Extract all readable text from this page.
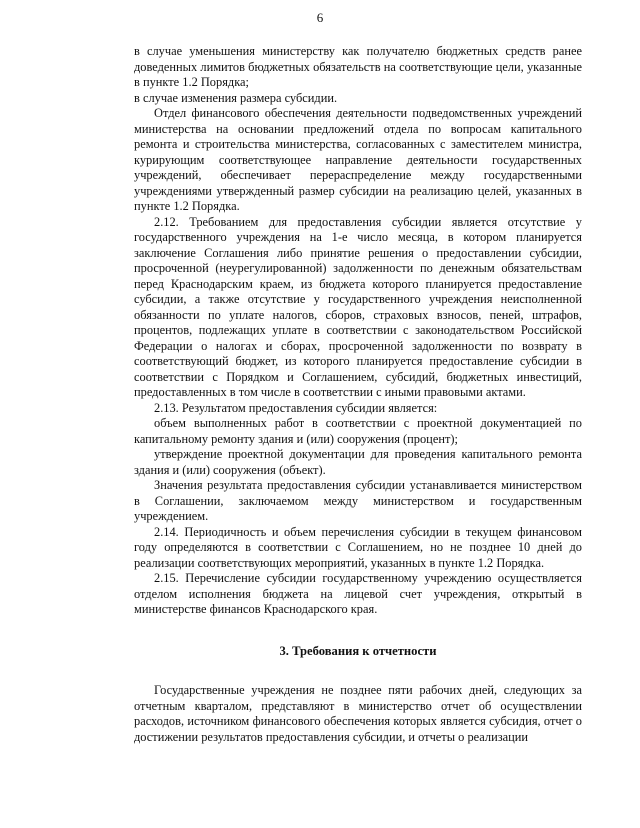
6

в случае уменьшения министерству как получателю бюджетных средств ранее доведенных лимитов бюджетных обязательств на соответствующие цели, указанные в пункте 1.2 Порядка;

в случае изменения размера субсидии.

Отдел финансового обеспечения деятельности подведомственных учреждений министерства на основании предложений отдела по вопросам капитального ремонта и строительства министерства, согласованных с заместителем министра, курирующим соответствующее направление деятельности государственных учреждений, обеспечивает перераспределение между государственными учреждениями утвержденный размер субсидии на реализацию целей, указанных в пункте 1.2 Порядка.

2.12. Требованием для предоставления субсидии является отсутствие у государственного учреждения на 1-е число месяца, в котором планируется заключение Соглашения либо принятие решения о предоставлении субсидии, просроченной (неурегулированной) задолженности по денежным обязательствам перед Краснодарским краем, из бюджета которого планируется предоставление субсидии, а также отсутствие у государственного учреждения неисполненной обязанности по уплате налогов, сборов, страховых взносов, пеней, штрафов, процентов, подлежащих уплате в соответствии с законодательством Российской Федерации о налогах и сборах, просроченной задолженности по возврату в соответствующий бюджет, из которого планируется предоставление субсидии в соответствии с Порядком и Соглашением, субсидий, бюджетных инвестиций, предоставленных в том числе в соответствии с иными правовыми актами.

2.13. Результатом предоставления субсидии является:

объем выполненных работ в соответствии с проектной документацией по капитальному ремонту здания и (или) сооружения (процент);

утверждение проектной документации для проведения капитального ремонта здания и (или) сооружения (объект).

Значения результата предоставления субсидии устанавливается министерством в Соглашении, заключаемом между министерством и государственным учреждением.

2.14. Периодичность и объем перечисления субсидии в текущем финансовом году определяются в соответствии с Соглашением, но не позднее 10 дней до реализации соответствующих мероприятий, указанных в пункте 1.2 Порядка.

2.15. Перечисление субсидии государственному учреждению осуществляется отделом исполнения бюджета на лицевой счет учреждения, открытый в министерстве финансов Краснодарского края.

3. Требования к отчетности

Государственные учреждения не позднее пяти рабочих дней, следующих за отчетным кварталом, представляют в министерство отчет об осуществлении расходов, источником финансового обеспечения которых является субсидия, отчет о достижении результатов предоставления субсидии, и отчеты о реализации
